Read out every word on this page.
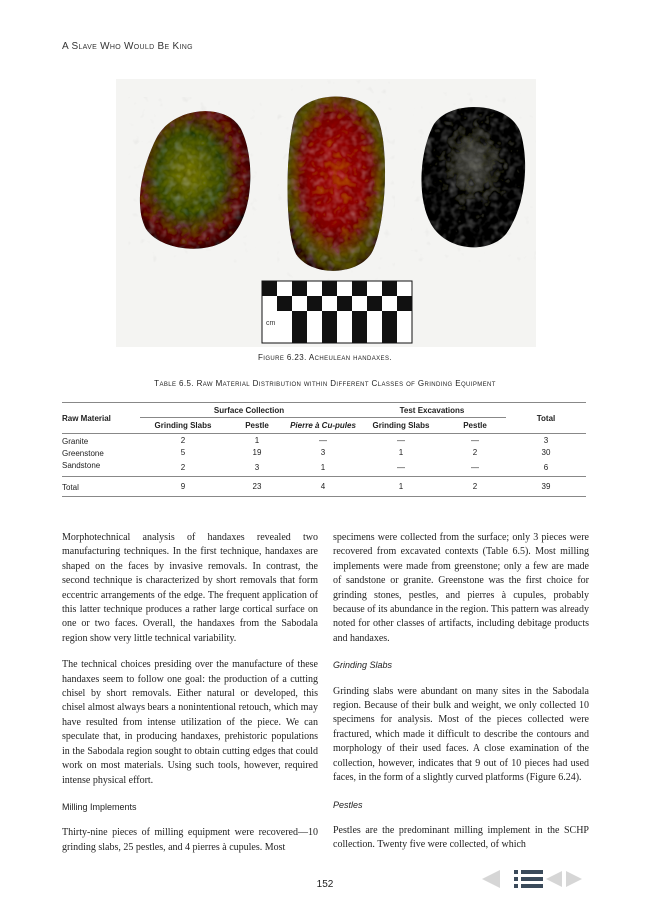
A Slave Who Would Be King
cm
Figure 6.23. Acheulean handaxes.
Table 6.5. Raw Material Distribution within Different Classes of Grinding Equipment
Raw Material	Surface Collection			Test Excavations		Total
	Grinding Slabs	Pestle	Pierre à Cu-pules	Grinding Slabs	Pestle	
Granite	2	1	—	—	—	3
Greenstone	5	19	3	1	2	30
Sandstone	2	3	1	—	—	6
Total	9	23	4	1	2	39

Morphotechnical analysis of handaxes revealed two manufacturing techniques. In the first technique, handaxes are shaped on the faces by invasive removals. In contrast, the second technique is characterized by short removals that form eccentric arrangements of the edge. The frequent application of this latter technique produces a rather large cortical surface on one or two faces. Overall, the handaxes from the Sabodala region show very little technical variability.

The technical choices presiding over the manufacture of these handaxes seem to follow one goal: the production of a cutting chisel by short removals. Either natural or developed, this chisel almost always bears a nonintentional retouch, which may have resulted from intense utilization of the piece. We can speculate that, in producing handaxes, prehistoric populations in the Sabodala region sought to obtain cutting edges that could work on most materials. Using such tools, however, required intense physical effort.

Milling Implements

Thirty-nine pieces of milling equipment were recovered—10 grinding slabs, 25 pestles, and 4 pierres à cupules. Most

specimens were collected from the surface; only 3 pieces were recovered from excavated contexts (Table 6.5). Most milling implements were made from greenstone; only a few are made of sandstone or granite. Greenstone was the first choice for grinding stones, pestles, and pierres à cupules, probably because of its abundance in the region. This pattern was already noted for other classes of artifacts, including debitage products and handaxes.

Grinding Slabs

Grinding slabs were abundant on many sites in the Sabodala region. Because of their bulk and weight, we only collected 10 specimens for analysis. Most of the pieces collected were fractured, which made it difficult to describe the contours and morphology of their used faces. A close examination of the collection, however, indicates that 9 out of 10 pieces had used faces, in the form of a slightly curved platforms (Figure 6.24).

Pestles

Pestles are the predominant milling implement in the SCHP collection. Twenty five were collected, of which

152
